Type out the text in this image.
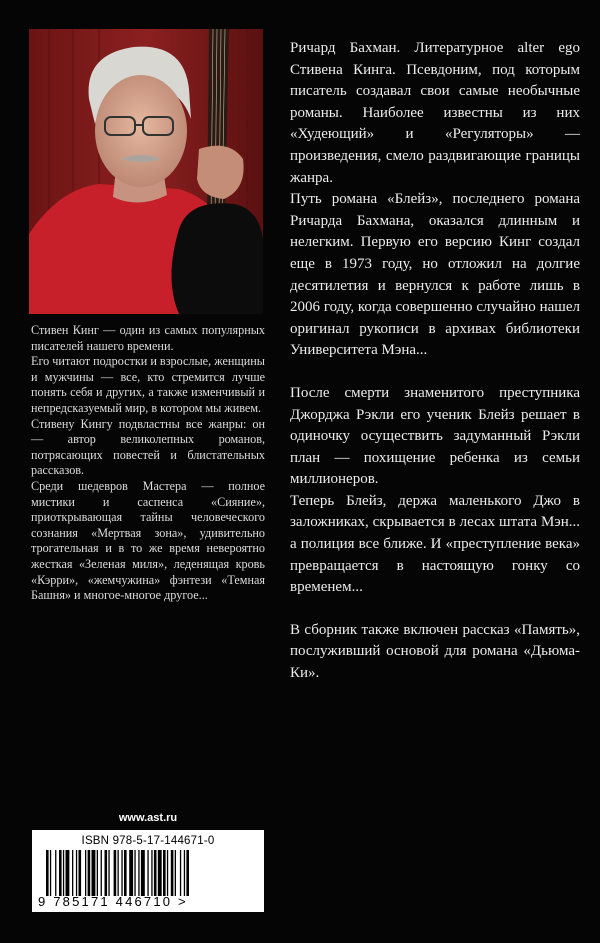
Стивен Кинг — один из самых популярных писателей нашего времени.

Его читают подростки и взрослые, женщины и мужчины — все, кто стремится лучше понять себя и других, а также изменчивый и непредсказуемый мир, в котором мы живем.

Стивену Кингу подвластны все жанры: он — автор великолепных романов, потрясающих повестей и блистательных рассказов.

Среди шедевров Мастера — полное мистики и саспенса «Сияние», приоткрывающая тайны человеческого сознания «Мертвая зона», удивительно трогательная и в то же время невероятно жесткая «Зеленая миля», леденящая кровь «Кэрри», «жемчужина» фэнтези «Темная Башня» и многое-многое другое...

Ричард Бахман. Литературное alter ego Стивена Кинга. Псевдоним, под которым писатель создавал свои самые необычные романы. Наиболее известны из них «Худеющий» и «Регуляторы» — произведения, смело раздвигающие границы жанра.

Путь романа «Блейз», последнего романа Ричарда Бахмана, оказался длинным и нелегким. Первую его версию Кинг создал еще в 1973 году, но отложил на долгие десятилетия и вернулся к работе лишь в 2006 году, когда совершенно случайно нашел оригинал рукописи в архивах библиотеки Университета Мэна...

После смерти знаменитого преступника Джорджа Рэкли его ученик Блейз решает в одиночку осуществить задуманный Рэкли план — похищение ребенка из семьи миллионеров.

Теперь Блейз, держа маленького Джо в заложниках, скрывается в лесах штата Мэн... а полиция все ближе. И «преступление века» превращается в настоящую гонку со временем...

В сборник также включен рассказ «Память», послуживший основой для романа «Дьюма-Ки».

www.ast.ru
ISBN 978-5-17-144671-0
9 785171 446710 >
